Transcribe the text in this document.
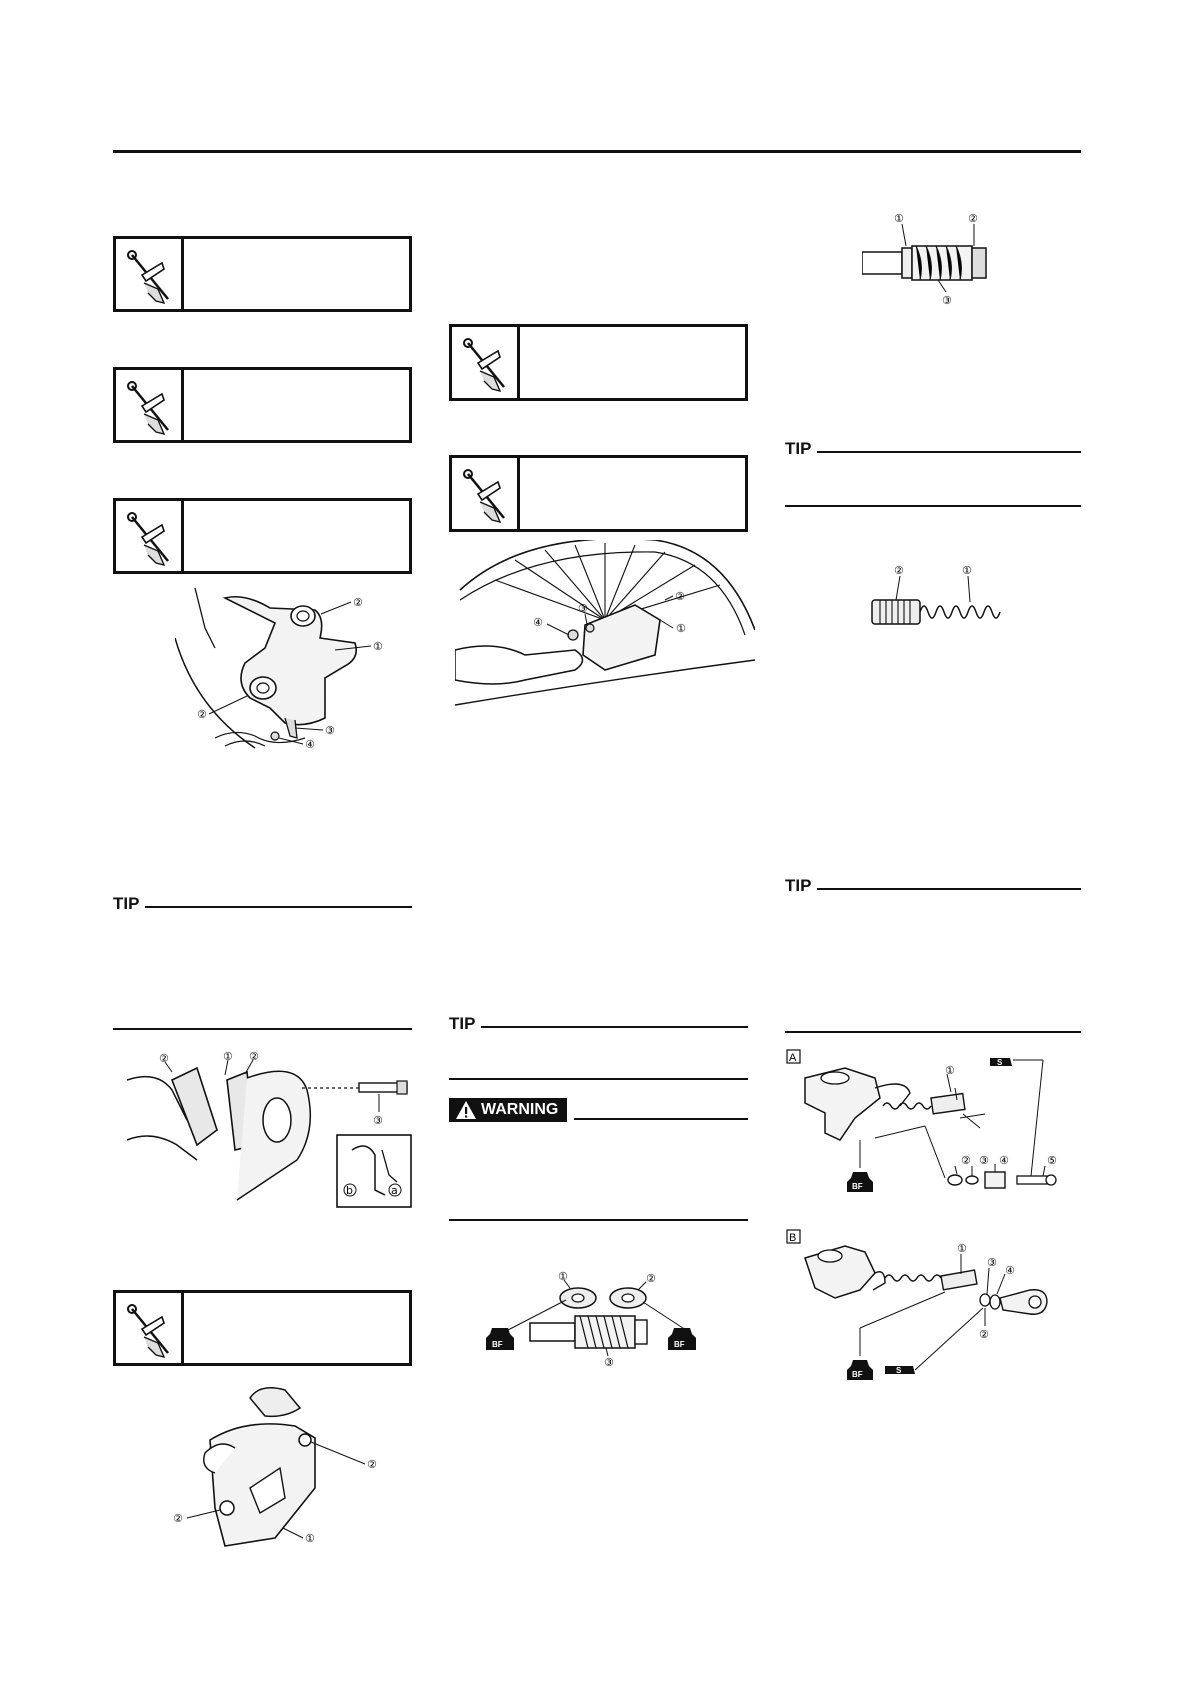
②
①
②
③
④
TIP
②	① ②
③
b	a
②
②
①
①
②
③
④
TIP
WARNING
BF	BF
①	②
③
①	②
③
TIP
②	①
TIP
A
BF
S
①
② ③ ④	⑤
B
BF	S
①
③
④
②
